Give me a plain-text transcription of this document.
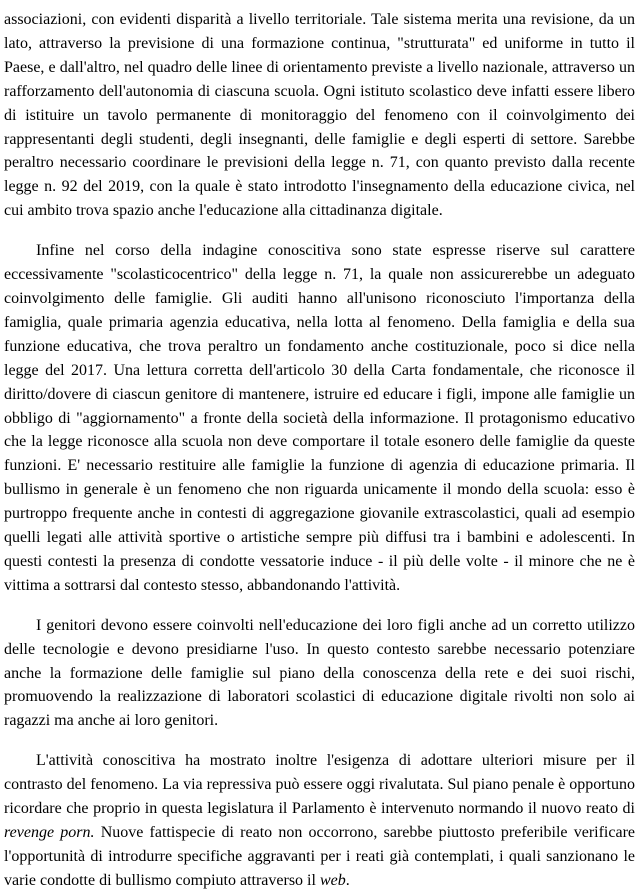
associazioni, con evidenti disparità a livello territoriale. Tale sistema merita una revisione, da un lato, attraverso la previsione di una formazione continua, "strutturata" ed uniforme in tutto il Paese, e dall'altro, nel quadro delle linee di orientamento previste a livello nazionale, attraverso un rafforzamento dell'autonomia di ciascuna scuola. Ogni istituto scolastico deve infatti essere libero di istituire un tavolo permanente di monitoraggio del fenomeno con il coinvolgimento dei rappresentanti degli studenti, degli insegnanti, delle famiglie e degli esperti di settore. Sarebbe peraltro necessario coordinare le previsioni della legge n. 71, con quanto previsto dalla recente legge n. 92 del 2019, con la quale è stato introdotto l'insegnamento della educazione civica, nel cui ambito trova spazio anche l'educazione alla cittadinanza digitale.

Infine nel corso della indagine conoscitiva sono state espresse riserve sul carattere eccessivamente "scolasticocentrico" della legge n. 71, la quale non assicurerebbe un adeguato coinvolgimento delle famiglie. Gli auditi hanno all'unisono riconosciuto l'importanza della famiglia, quale primaria agenzia educativa, nella lotta al fenomeno. Della famiglia e della sua funzione educativa, che trova peraltro un fondamento anche costituzionale, poco si dice nella legge del 2017. Una lettura corretta dell'articolo 30 della Carta fondamentale, che riconosce il diritto/dovere di ciascun genitore di mantenere, istruire ed educare i figli, impone alle famiglie un obbligo di "aggiornamento" a fronte della società della informazione. Il protagonismo educativo che la legge riconosce alla scuola non deve comportare il totale esonero delle famiglie da queste funzioni. E' necessario restituire alle famiglie la funzione di agenzia di educazione primaria. Il bullismo in generale è un fenomeno che non riguarda unicamente il mondo della scuola: esso è purtroppo frequente anche in contesti di aggregazione giovanile extrascolastici, quali ad esempio quelli legati alle attività sportive o artistiche sempre più diffusi tra i bambini e adolescenti. In questi contesti la presenza di condotte vessatorie induce - il più delle volte - il minore che ne è vittima a sottrarsi dal contesto stesso, abbandonando l'attività.

I genitori devono essere coinvolti nell'educazione dei loro figli anche ad un corretto utilizzo delle tecnologie e devono presidiarne l'uso. In questo contesto sarebbe necessario potenziare anche la formazione delle famiglie sul piano della conoscenza della rete e dei suoi rischi, promuovendo la realizzazione di laboratori scolastici di educazione digitale rivolti non solo ai ragazzi ma anche ai loro genitori.

L'attività conoscitiva ha mostrato inoltre l'esigenza di adottare ulteriori misure per il contrasto del fenomeno. La via repressiva può essere oggi rivalutata. Sul piano penale è opportuno ricordare che proprio in questa legislatura il Parlamento è intervenuto normando il nuovo reato di revenge porn. Nuove fattispecie di reato non occorrono, sarebbe piuttosto preferibile verificare l'opportunità di introdurre specifiche aggravanti per i reati già contemplati, i quali sanzionano le varie condotte di bullismo compiuto attraverso il web.
